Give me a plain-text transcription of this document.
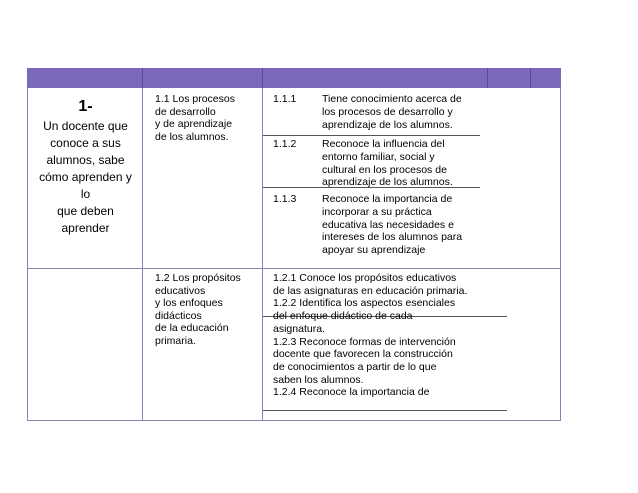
1-
Un docente que
conoce a sus
alumnos, sabe
cómo aprenden y
lo
que deben
aprender
1.1 Los procesos
de desarrollo
y de aprendizaje
de los alumnos.
1.1.1 Tiene conocimiento acerca de
los procesos de desarrollo y
aprendizaje de los alumnos.
1.1.2 Reconoce la influencia del
entorno familiar, social y
cultural en los procesos de
aprendizaje de los alumnos.
1.1.3 Reconoce la importancia de
incorporar a su práctica
educativa las necesidades e
intereses de los alumnos para
apoyar su aprendizaje
1.2 Los propósitos
educativos
y los enfoques
didácticos
de la educación
primaria.
1.2.1 Conoce los propósitos educativos
de las asignaturas en educación primaria.
1.2.2 Identifica los aspectos esenciales
del enfoque didáctico de cada
asignatura.
1.2.3 Reconoce formas de intervención
docente que favorecen la construcción
de conocimientos a partir de lo que
saben los alumnos.
1.2.4 Reconoce la importancia de
